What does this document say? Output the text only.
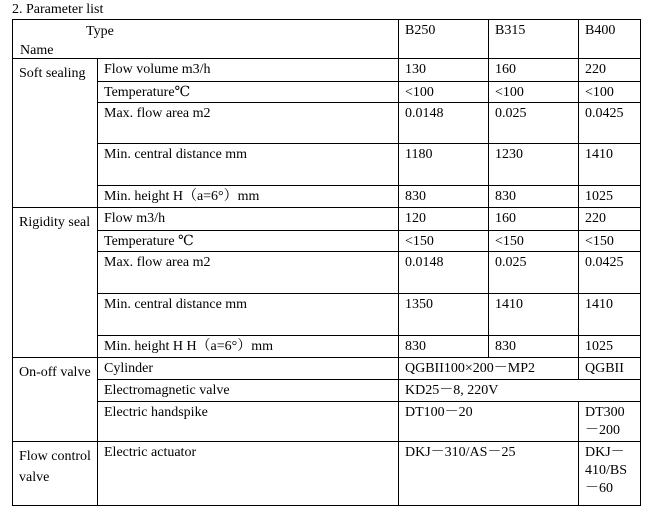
2. Parameter list
Type
Name		B250	B315	B400
Soft sealing	Flow volume m3/h	130	160	220
	Temperature℃	<100	<100	<100
	Max. flow area m2	0.0148	0.025	0.0425
	Min. central distance mm	1180	1230	1410
	Min. height H（a=6°）mm	830	830	1025
Rigidity seal	Flow m3/h	120	160	220
	Temperature ℃	<150	<150	<150
	Max. flow area m2	0.0148	0.025	0.0425
	Min. central distance mm	1350	1410	1410
	Min. height H H（a=6°）mm	830	830	1025
On-off valve	Cylinder	QGBII100×200－MP2		QGBII
	Electromagnetic valve	KD25－8, 220V		
	Electric handspike	DT100－20		DT300－200
Flow control valve	Electric actuator	DKJ－310/AS－25		DKJ－410/BS－60
